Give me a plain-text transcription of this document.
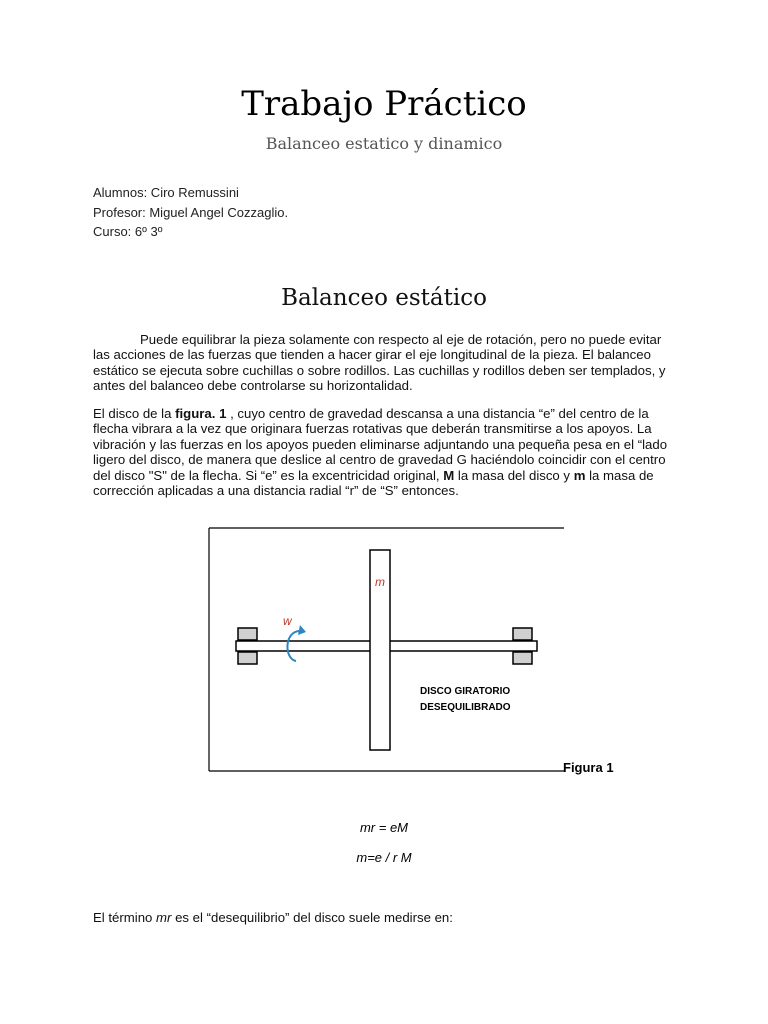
Trabajo Práctico
Balanceo estatico y dinamico
Alumnos: Ciro Remussini
Profesor: Miguel Angel Cozzaglio.
Curso: 6º 3º
Balanceo estático

Puede equilibrar la pieza solamente con respecto al eje de rotación, pero no puede evitar las acciones de las fuerzas que tienden a hacer girar el eje longitudinal de la pieza. El balanceo estático se ejecuta sobre cuchillas o sobre rodillos. Las cuchillas y rodillos deben ser templados, y antes del balanceo debe controlarse su horizontalidad.

El disco de la figura. 1 , cuyo centro de gravedad descansa a una distancia “e” del centro de la flecha vibrara a la vez que originara fuerzas rotativas que deberán transmitirse a los apoyos. La vibración y las fuerzas en los apoyos pueden eliminarse adjuntando una pequeña pesa en el “lado ligero del disco, de manera que deslice al centro de gravedad G haciéndolo coincidir con el centro del disco "S" de la flecha. Si “e” es la excentricidad original, M la masa del disco y m la masa de corrección aplicadas a una distancia radial “r” de “S” entonces.

m
w
DISCO GIRATORIO
DESEQUILIBRADO
Figura 1
mr = eM
m=e / r M

El término mr es el “desequilibrio” del disco suele medirse en:
